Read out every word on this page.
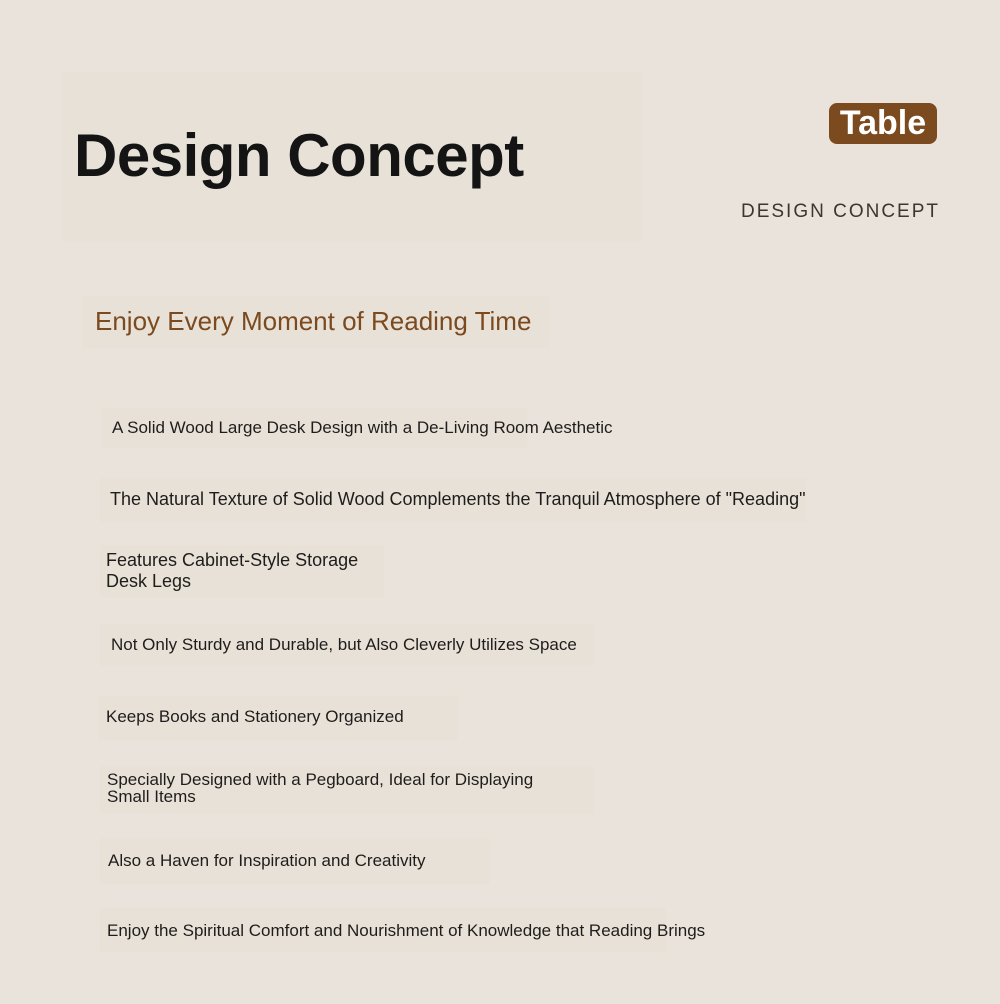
Design Concept	Table

DESIGN CONCEPT

Enjoy Every Moment of Reading Time

A Solid Wood Large Desk Design with a De-Living Room Aesthetic

The Natural Texture of Solid Wood Complements the Tranquil Atmosphere of "Reading"

Features Cabinet-Style Storage
Desk Legs

Not Only Sturdy and Durable, but Also Cleverly Utilizes Space

Keeps Books and Stationery Organized

Specially Designed with a Pegboard, Ideal for Displaying
Small Items

Also a Haven for Inspiration and Creativity

Enjoy the Spiritual Comfort and Nourishment of Knowledge that Reading Brings
